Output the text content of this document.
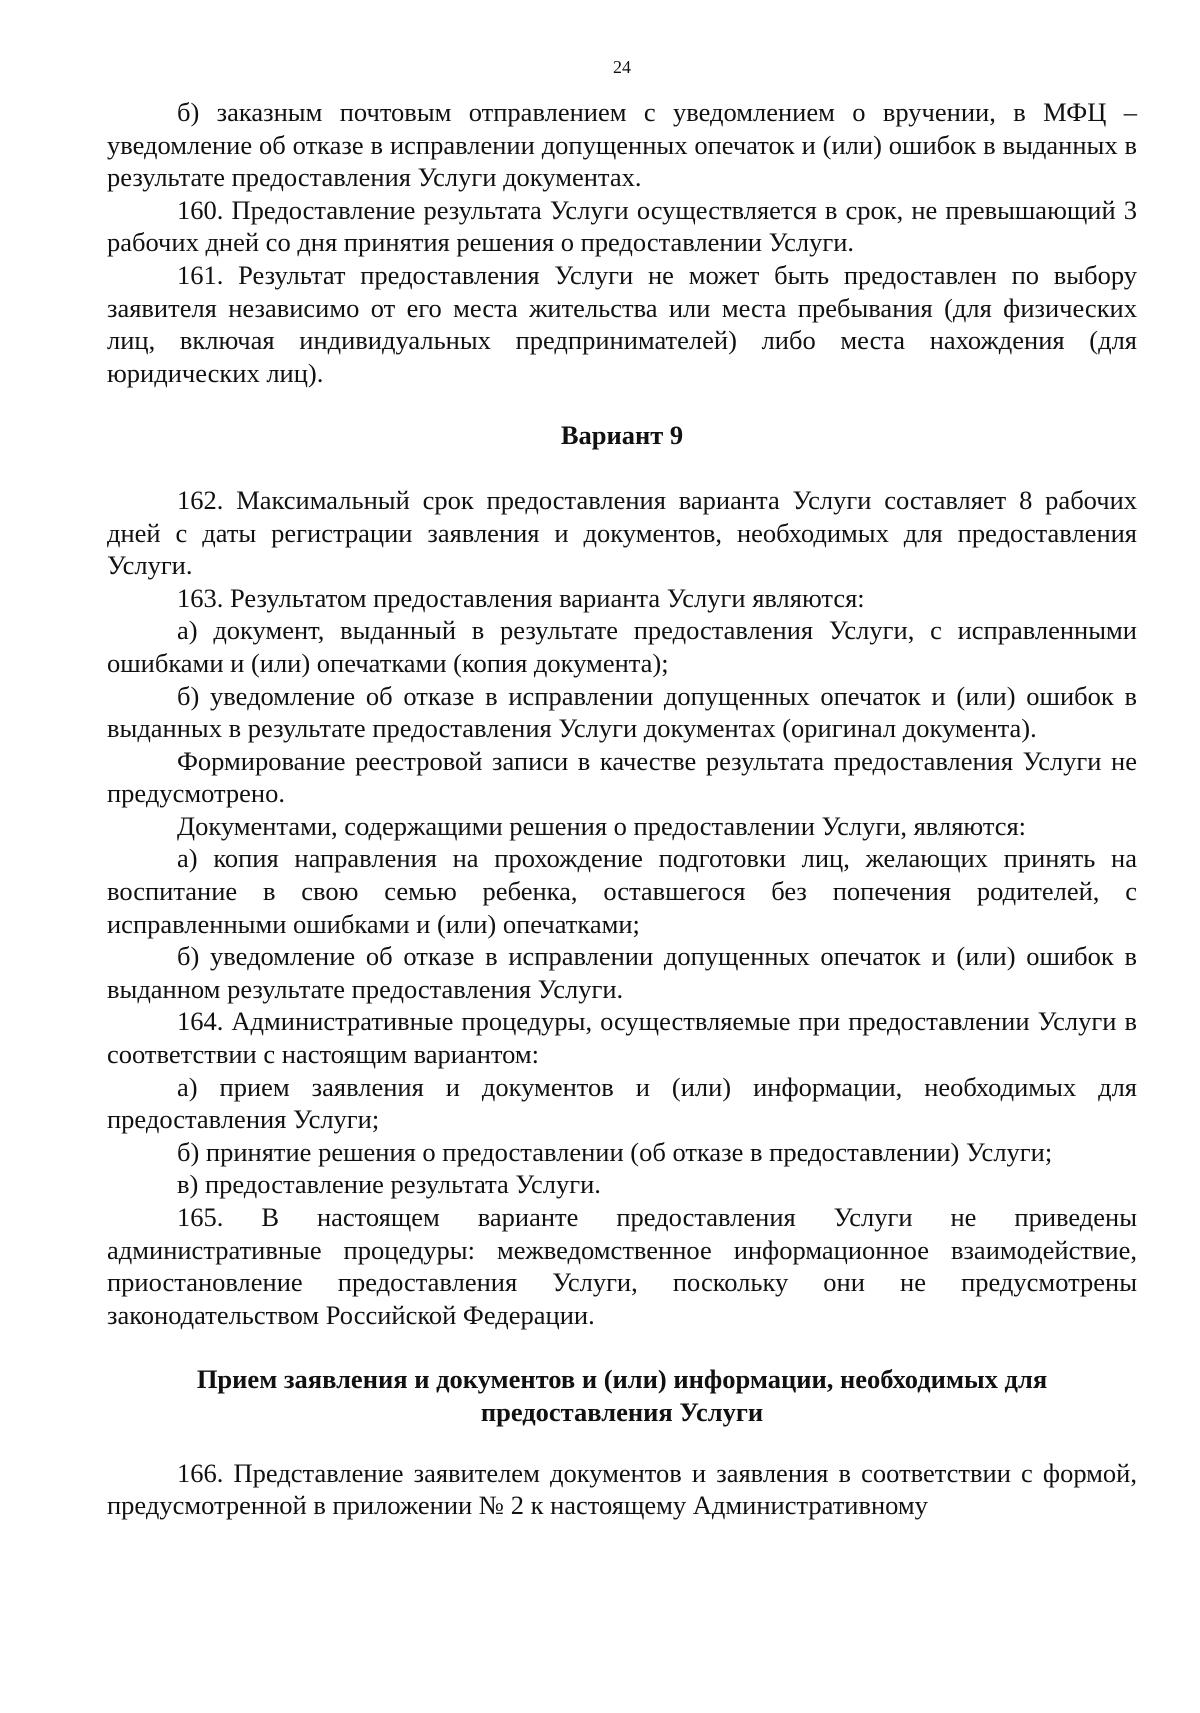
24

б) заказным почтовым отправлением с уведомлением о вручении, в МФЦ – уведомление об отказе в исправлении допущенных опечаток и (или) ошибок в выданных в результате предоставления Услуги документах.

160. Предоставление результата Услуги осуществляется в срок, не превышающий 3 рабочих дней со дня принятия решения о предоставлении Услуги.

161. Результат предоставления Услуги не может быть предоставлен по выбору заявителя независимо от его места жительства или места пребывания (для физических лиц, включая индивидуальных предпринимателей) либо места нахождения (для юридических лиц).

Вариант 9

162. Максимальный срок предоставления варианта Услуги составляет 8 рабочих дней с даты регистрации заявления и документов, необходимых для предоставления Услуги.

163. Результатом предоставления варианта Услуги являются:

а) документ, выданный в результате предоставления Услуги, с исправленными ошибками и (или) опечатками (копия документа);

б) уведомление об отказе в исправлении допущенных опечаток и (или) ошибок в выданных в результате предоставления Услуги документах (оригинал документа).

Формирование реестровой записи в качестве результата предоставления Услуги не предусмотрено.

Документами, содержащими решения о предоставлении Услуги, являются:

а) копия направления на прохождение подготовки лиц, желающих принять на воспитание в свою семью ребенка, оставшегося без попечения родителей, с исправленными ошибками и (или) опечатками;

б) уведомление об отказе в исправлении допущенных опечаток и (или) ошибок в выданном результате предоставления Услуги.

164. Административные процедуры, осуществляемые при предоставлении Услуги в соответствии с настоящим вариантом:

а) прием заявления и документов и (или) информации, необходимых для предоставления Услуги;

б) принятие решения о предоставлении (об отказе в предоставлении) Услуги;

в) предоставление результата Услуги.

165. В настоящем варианте предоставления Услуги не приведены административные процедуры: межведомственное информационное взаимодействие, приостановление предоставления Услуги, поскольку они не предусмотрены законодательством Российской Федерации.

Прием заявления и документов и (или) информации, необходимых для предоставления Услуги

166. Представление заявителем документов и заявления в соответствии с формой, предусмотренной в приложении № 2 к настоящему Административному
